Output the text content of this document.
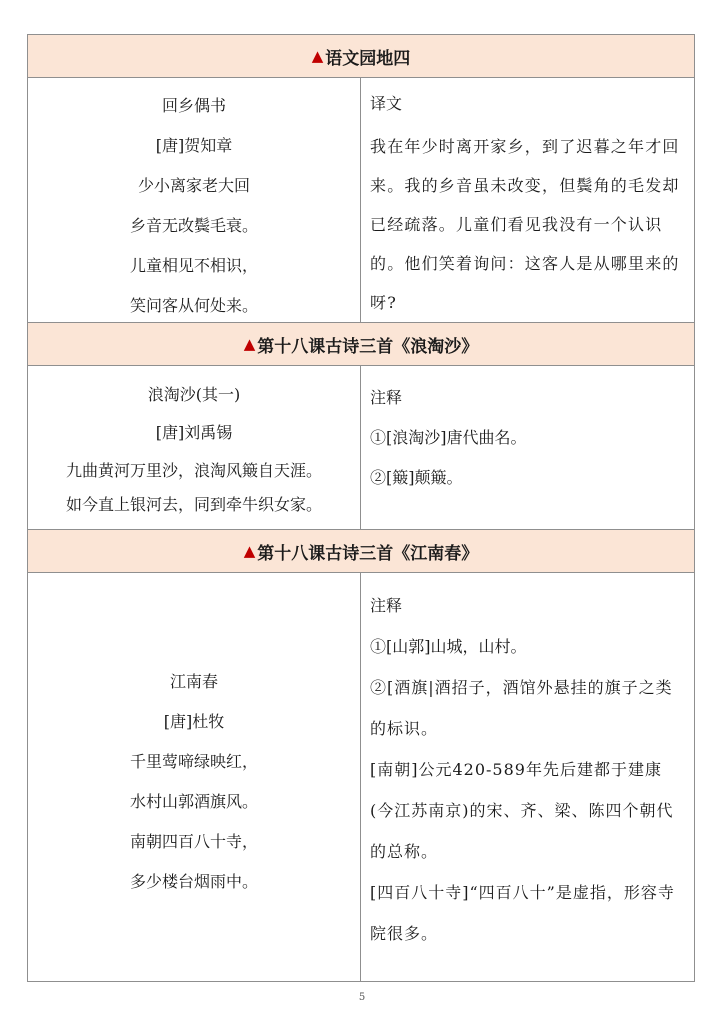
▲ 语文园地四
回乡偶书
[唐]贺知章
少小离家老大回
乡音无改鬓毛衰。
儿童相见不相识，
笑问客从何处来。
译文
我在年少时离开家乡，到了迟暮之年才回来。我的乡音虽未改变，但鬓角的毛发却已经疏落。儿童们看见我没有一个认识的。他们笑着询问：这客人是从哪里来的呀?
▲ 第十八课古诗三首《浪淘沙》
浪淘沙(其一)
[唐]刘禹锡
九曲黄河万里沙，浪淘风簸自天涯。
如今直上银河去，同到牵牛织女家。
注释
①[浪淘沙]唐代曲名。
②[簸]颠簸。
▲ 第十八课古诗三首《江南春》
江南春
[唐]杜牧
千里莺啼绿映红，
水村山郭酒旗风。
南朝四百八十寺，
多少楼台烟雨中。
注释
①[山郭]山城，山村。
②[酒旗|酒招子，酒馆外悬挂的旗子之类的标识。
[南朝]公元420-589年先后建都于建康
(今江苏南京)的宋、齐、梁、陈四个朝代的总称。
[四百八十寺]“四百八十”是虚指，形容寺院很多。
5
